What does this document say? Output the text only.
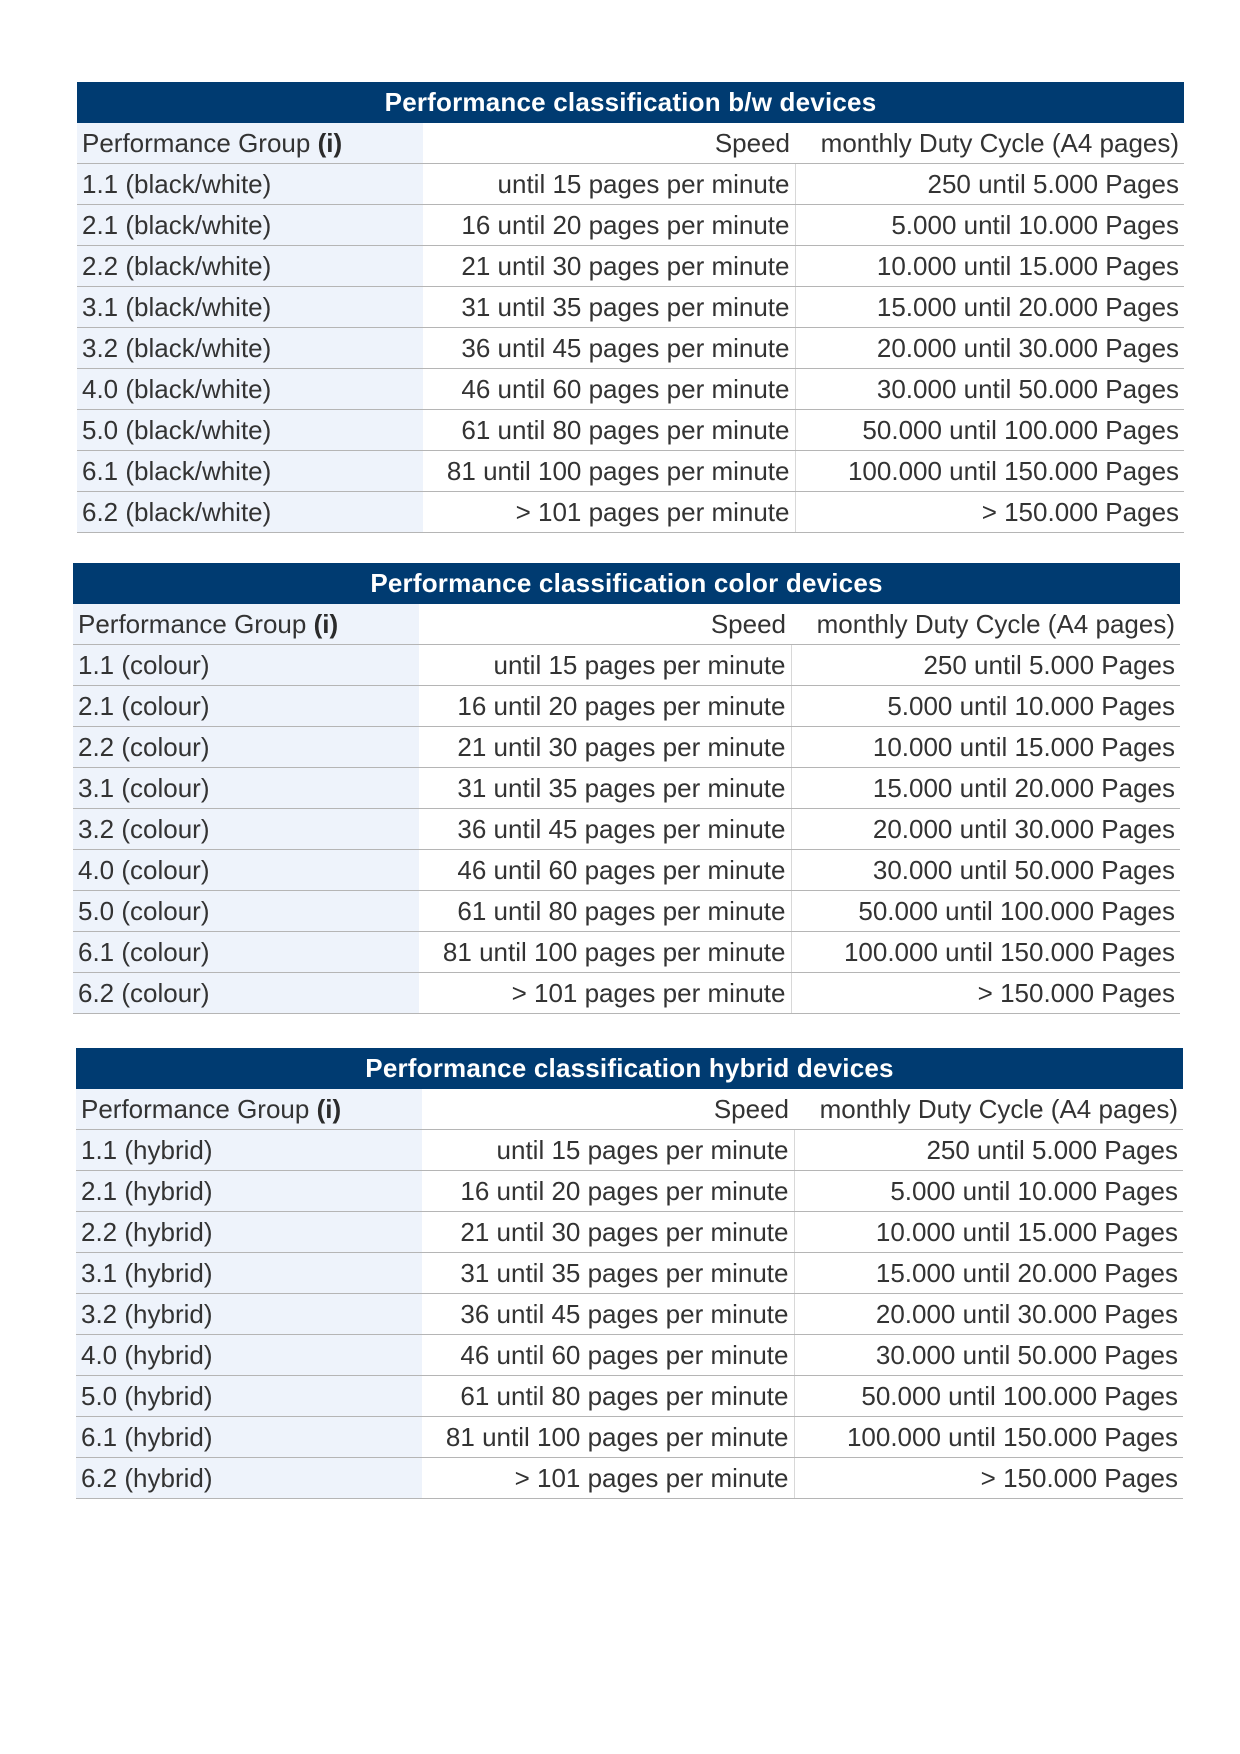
Performance classification b/w devices		
Performance Group (i)	Speed	monthly Duty Cycle (A4 pages)
1.1 (black/white)	until 15 pages per minute	250 until 5.000 Pages
2.1 (black/white)	16 until 20 pages per minute	5.000 until 10.000 Pages
2.2 (black/white)	21 until 30 pages per minute	10.000 until 15.000 Pages
3.1 (black/white)	31 until 35 pages per minute	15.000 until 20.000 Pages
3.2 (black/white)	36 until 45 pages per minute	20.000 until 30.000 Pages
4.0 (black/white)	46 until 60 pages per minute	30.000 until 50.000 Pages
5.0 (black/white)	61 until 80 pages per minute	50.000 until 100.000 Pages
6.1 (black/white)	81 until 100 pages per minute	100.000 until 150.000 Pages
6.2 (black/white)	> 101 pages per minute	> 150.000 Pages
Performance classification color devices		
Performance Group (i)	Speed	monthly Duty Cycle (A4 pages)
1.1 (colour)	until 15 pages per minute	250 until 5.000 Pages
2.1 (colour)	16 until 20 pages per minute	5.000 until 10.000 Pages
2.2 (colour)	21 until 30 pages per minute	10.000 until 15.000 Pages
3.1 (colour)	31 until 35 pages per minute	15.000 until 20.000 Pages
3.2 (colour)	36 until 45 pages per minute	20.000 until 30.000 Pages
4.0 (colour)	46 until 60 pages per minute	30.000 until 50.000 Pages
5.0 (colour)	61 until 80 pages per minute	50.000 until 100.000 Pages
6.1 (colour)	81 until 100 pages per minute	100.000 until 150.000 Pages
6.2 (colour)	> 101 pages per minute	> 150.000 Pages
Performance classification hybrid devices		
Performance Group (i)	Speed	monthly Duty Cycle (A4 pages)
1.1 (hybrid)	until 15 pages per minute	250 until 5.000 Pages
2.1 (hybrid)	16 until 20 pages per minute	5.000 until 10.000 Pages
2.2 (hybrid)	21 until 30 pages per minute	10.000 until 15.000 Pages
3.1 (hybrid)	31 until 35 pages per minute	15.000 until 20.000 Pages
3.2 (hybrid)	36 until 45 pages per minute	20.000 until 30.000 Pages
4.0 (hybrid)	46 until 60 pages per minute	30.000 until 50.000 Pages
5.0 (hybrid)	61 until 80 pages per minute	50.000 until 100.000 Pages
6.1 (hybrid)	81 until 100 pages per minute	100.000 until 150.000 Pages
6.2 (hybrid)	> 101 pages per minute	> 150.000 Pages
